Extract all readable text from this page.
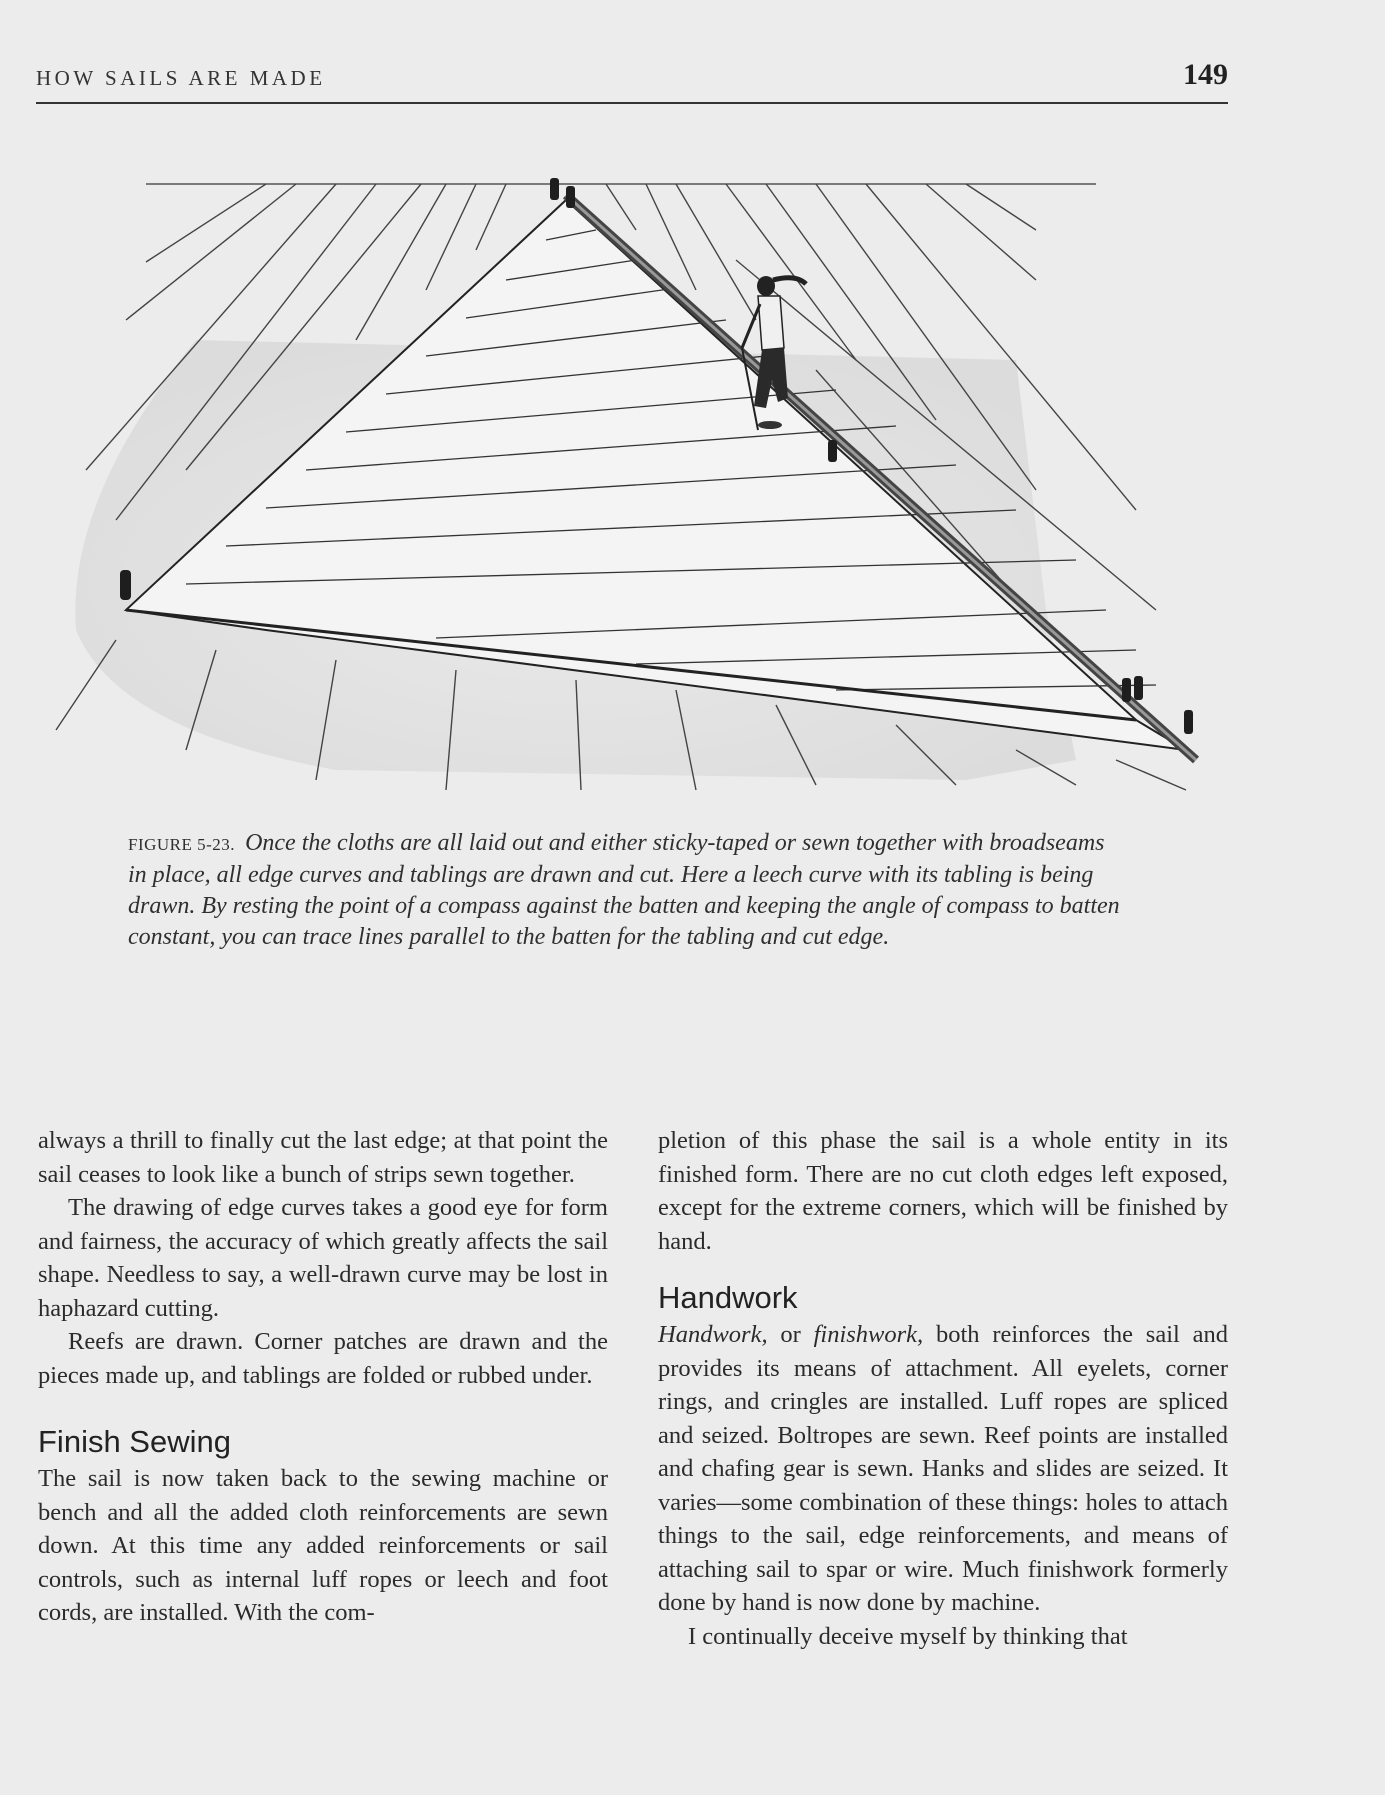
HOW SAILS ARE MADE	149
FIGURE 5-23. Once the cloths are all laid out and either sticky-taped or sewn together with broadseams in place, all edge curves and tablings are drawn and cut. Here a leech curve with its tabling is being drawn. By resting the point of a compass against the batten and keeping the angle of compass to batten constant, you can trace lines parallel to the batten for the tabling and cut edge.

always a thrill to finally cut the last edge; at that point the sail ceases to look like a bunch of strips sewn together.

The drawing of edge curves takes a good eye for form and fairness, the accuracy of which greatly affects the sail shape. Needless to say, a well-drawn curve may be lost in haphazard cutting.

Reefs are drawn. Corner patches are drawn and the pieces made up, and tablings are folded or rubbed under.

Finish Sewing

The sail is now taken back to the sewing machine or bench and all the added cloth reinforcements are sewn down. At this time any added reinforcements or sail controls, such as internal luff ropes or leech and foot cords, are installed. With the com-

pletion of this phase the sail is a whole entity in its finished form. There are no cut cloth edges left exposed, except for the extreme corners, which will be finished by hand.

Handwork

Handwork, or finishwork, both reinforces the sail and provides its means of attachment. All eyelets, corner rings, and cringles are installed. Luff ropes are spliced and seized. Boltropes are sewn. Reef points are installed and chafing gear is sewn. Hanks and slides are seized. It varies—some combination of these things: holes to attach things to the sail, edge reinforcements, and means of attaching sail to spar or wire. Much finishwork formerly done by hand is now done by machine.

I continually deceive myself by thinking that
